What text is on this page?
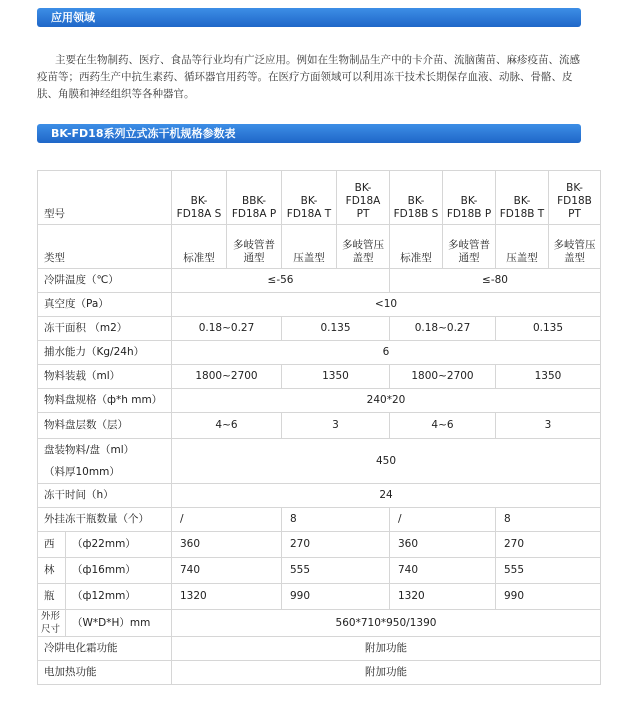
应用领域

主要在生物制药、医疗、食品等行业均有广泛应用。例如在生物制品生产中的卡介苗、流脑菌苗、麻疹疫苗、流感疫苗等；西药生产中抗生素药、循环器官用药等。在医疗方面领域可以利用冻干技术长期保存血液、动脉、骨骼、皮肤、角膜和神经组织等各种器官。

BK-FD18系列立式冻干机规格参数表
型号		BK-FD18A S	BBK-FD18A P	BK-FD18A T	BK-FD18A PT	BK-FD18B S	BK-FD18B P	BK-FD18B T	BK-FD18B PT
类型		标准型	多岐管普通型	压盖型	多岐管压盖型	标准型	多岐管普通型	压盖型	多岐管压盖型
冷阱温度（℃）		≤-56				≤-80			
真空度（Pa）		<10							
冻干面积 （m2）		0.18~0.27		0.135		0.18~0.27		0.135	
捕水能力（Kg/24h）		6							
物料装载（ml）		1800~2700		1350		1800~2700		1350	
物料盘规格（ф*h mm）		240*20							
物料盘层数（层）		4~6		3		4~6		3	

盘装物料/盘（ml）
（料厚10mm）		450							
冻干时间（h）		24							
外挂冻干瓶数量（个）		/		8		/		8	
西	（ф22mm）	360		270		360		270	
林	（ф16mm）	740		555		740		555	
瓶	（ф12mm）	1320		990		1320		990	
外形尺寸	（W*D*H）mm	560*710*950/1390							
冷阱电化霜功能		附加功能							
电加热功能		附加功能							
